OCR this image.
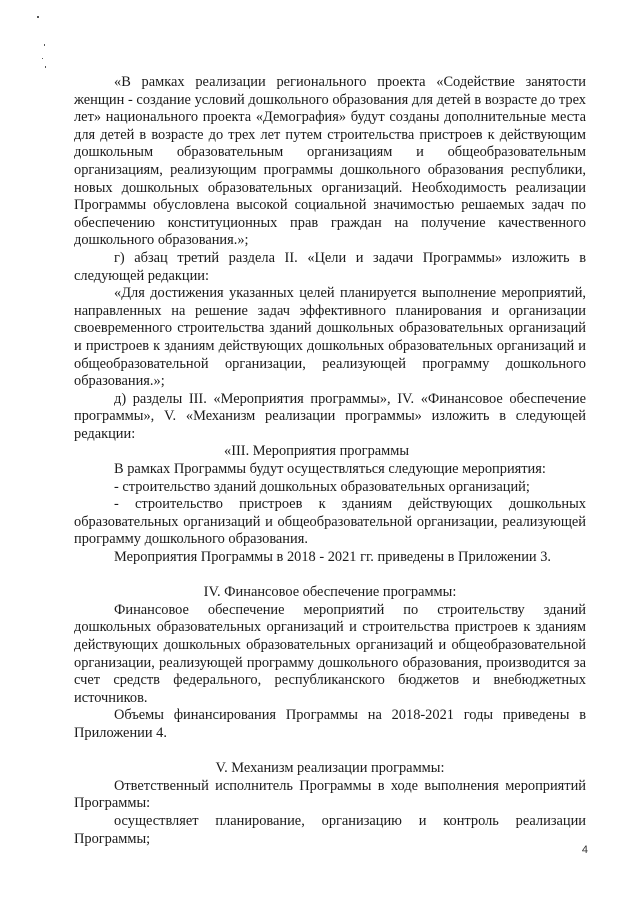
«В рамках реализации регионального проекта «Содействие занятости женщин - создание условий дошкольного образования для детей в возрасте до трех лет» национального проекта «Демография» будут созданы дополнительные места для детей в возрасте до трех лет путем строительства пристроев к действующим дошкольным образовательным организациям и общеобразовательным организациям, реализующим программы дошкольного образования республики, новых дошкольных образовательных организаций. Необходимость реализации Программы обусловлена высокой социальной значимостью решаемых задач по обеспечению конституционных прав граждан на получение качественного дошкольного образования.»;

г) абзац третий раздела II. «Цели и задачи Программы» изложить в следующей редакции:

«Для достижения указанных целей планируется выполнение мероприятий, направленных на решение задач эффективного планирования и организации своевременного строительства зданий дошкольных образовательных организаций и пристроев к зданиям действующих дошкольных образовательных организаций и общеобразовательной организации, реализующей программу дошкольного образования.»;

д) разделы III. «Мероприятия программы», IV. «Финансовое обеспечение программы», V. «Механизм реализации программы» изложить в следующей редакции:

«III. Мероприятия программы

В рамках Программы будут осуществляться следующие мероприятия:

- строительство зданий дошкольных образовательных организаций;

- строительство пристроев к зданиям действующих дошкольных образовательных организаций и общеобразовательной организации, реализующей программу дошкольного образования.

Мероприятия Программы в 2018 - 2021 гг. приведены в Приложении 3.

IV. Финансовое обеспечение программы:

Финансовое обеспечение мероприятий по строительству зданий дошкольных образовательных организаций и строительства пристроев к зданиям действующих дошкольных образовательных организаций и общеобразовательной организации, реализующей программу дошкольного образования, производится за счет средств федерального, республиканского бюджетов и внебюджетных источников.

Объемы финансирования Программы на 2018-2021 годы приведены в Приложении 4.

V. Механизм реализации программы:

Ответственный исполнитель Программы в ходе выполнения мероприятий Программы:

осуществляет планирование, организацию и контроль реализации Программы;

4
